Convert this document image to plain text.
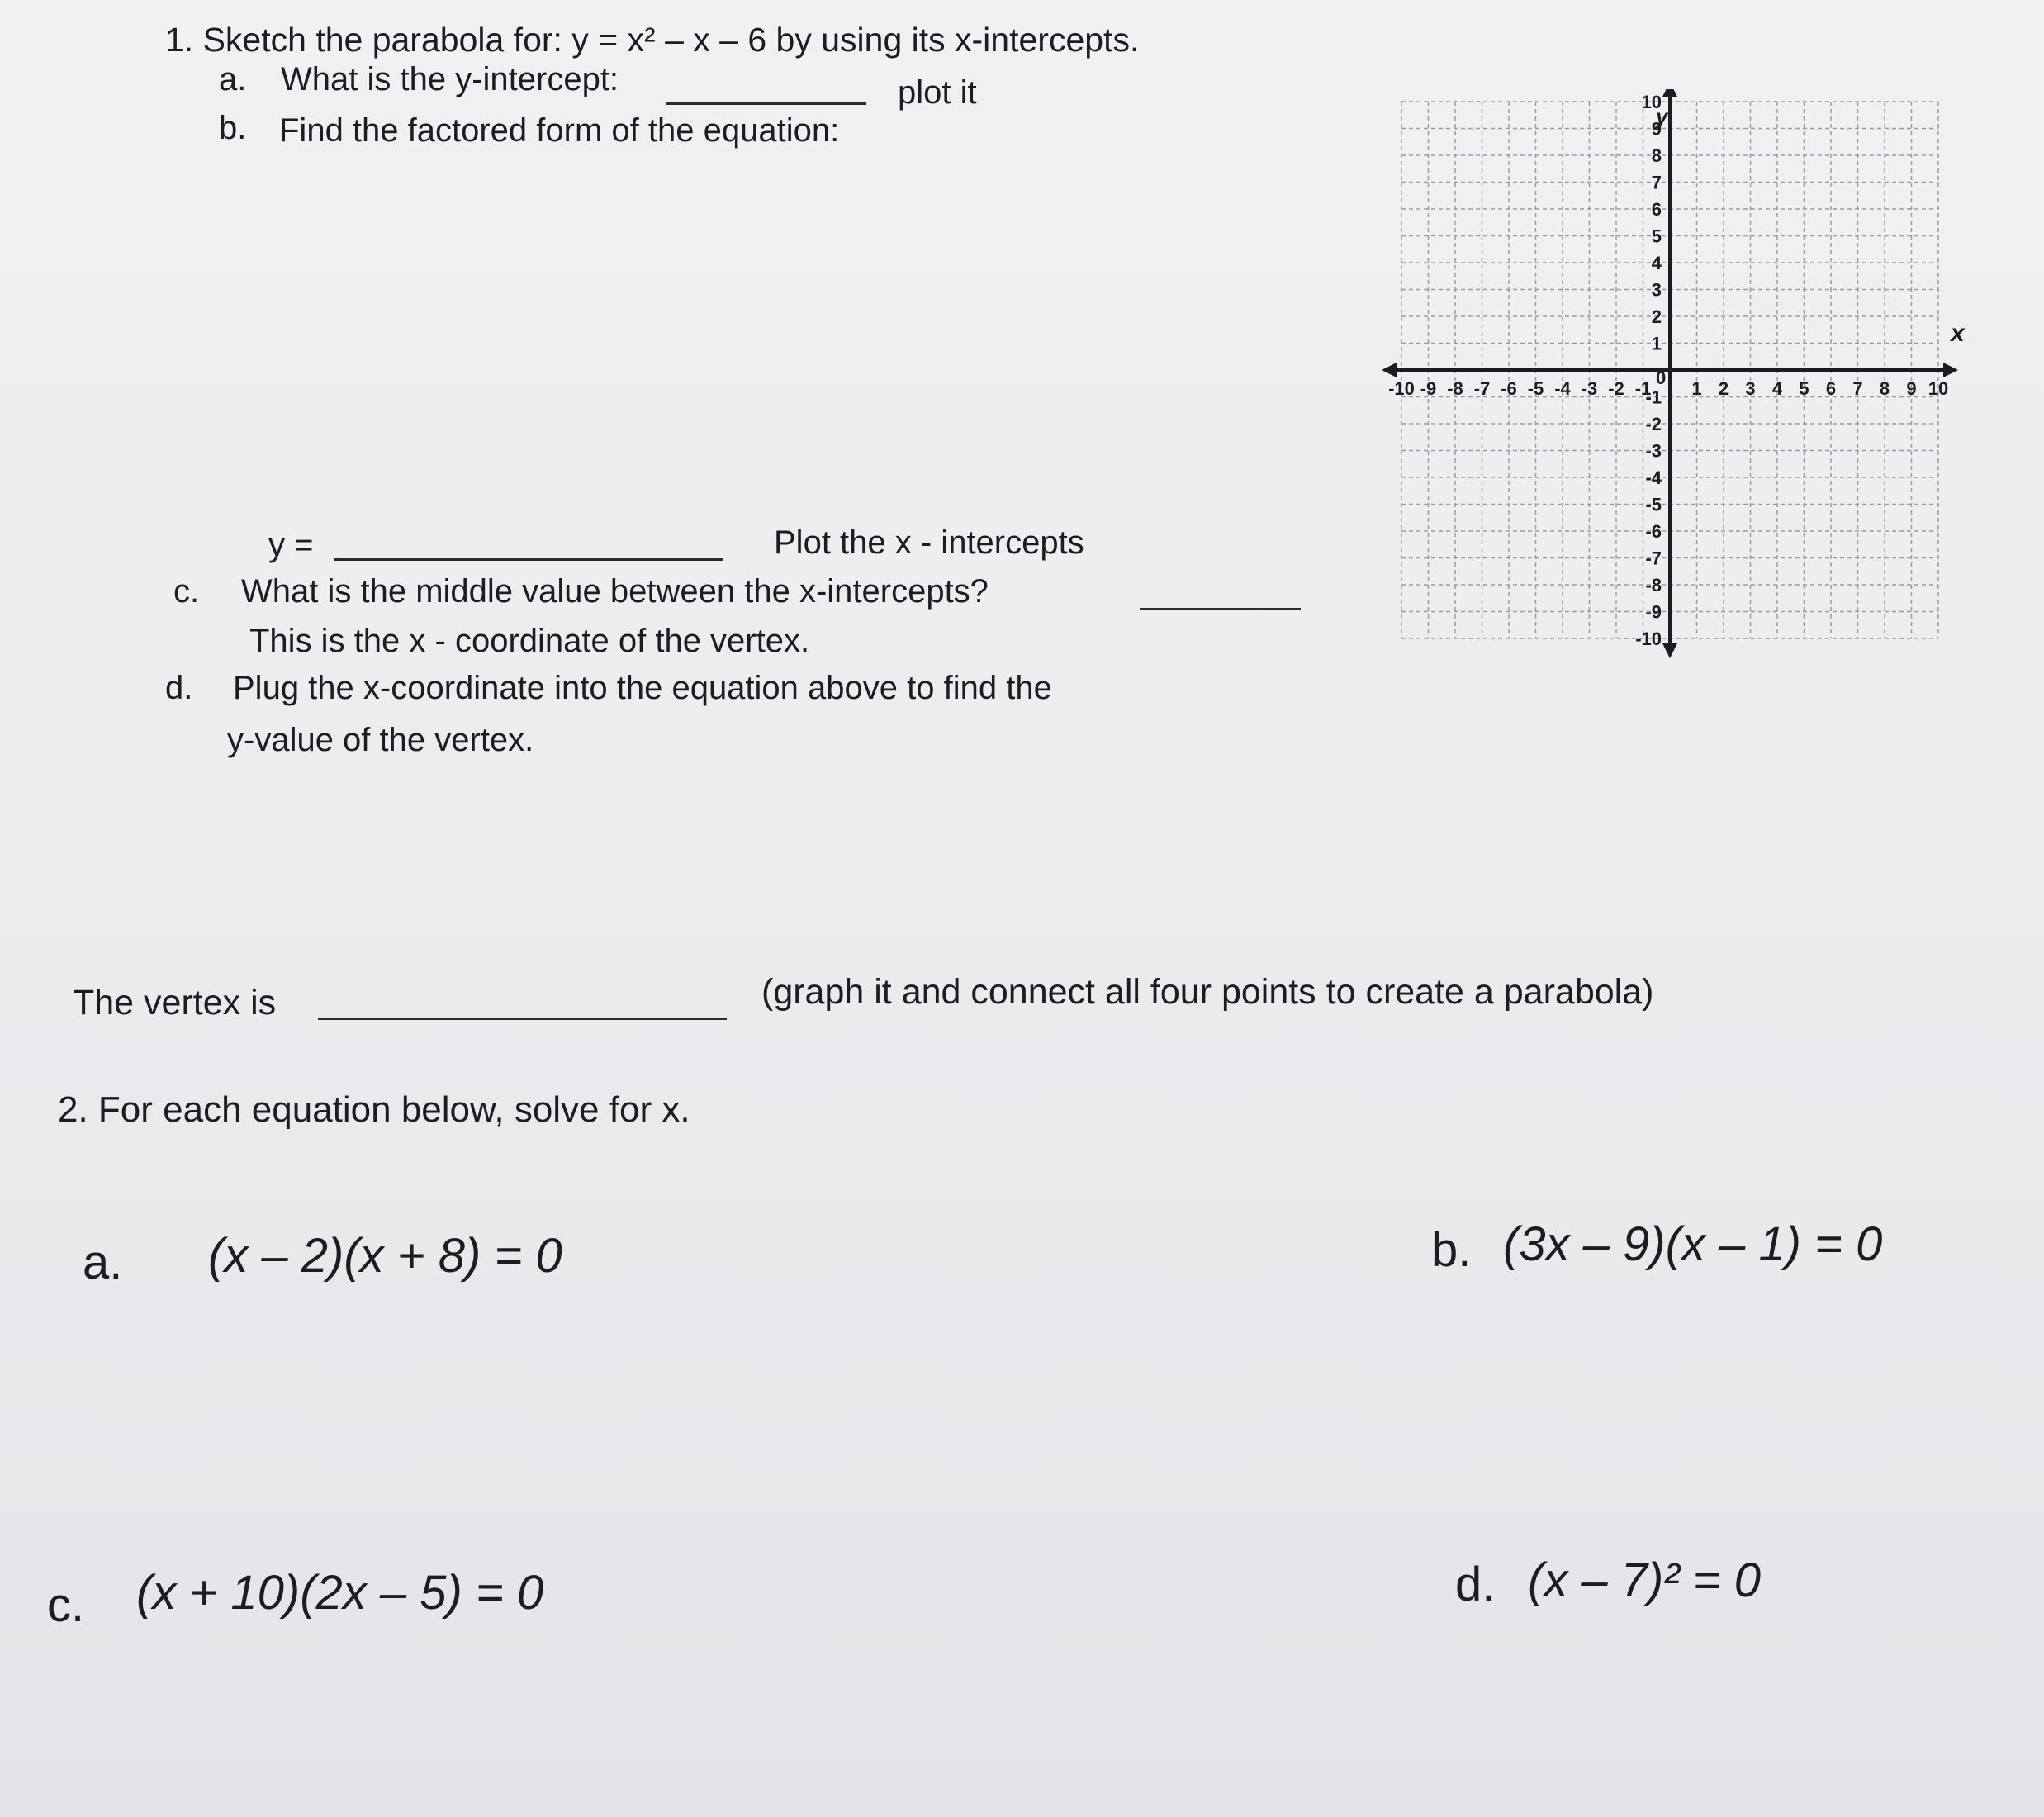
1. Sketch the parabola for: y = x² – x – 6 by using its x-intercepts.
a. What is the y-intercept:	plot it
b. Find the factored form of the equation:
y =	Plot the x - intercepts
c. What is the middle value between the x-intercepts?
This is the x - coordinate of the vertex.
d. Plug the x-coordinate into the equation above to find the
y-value of the vertex.
The vertex is	(graph it and connect all four points to create a parabola)
-10 -9 -8 -7 -6 -5 -4 -3 -2 -1 1 2 3 4 5 6 7 8 9 10
10
9
8
7
6
5
4
3
2
1
-1
-2
-3
-4
-5
-6
-7
-8
-9
-10
x
y
0
2. For each equation below, solve for x.
a. (x – 2)(x + 8) = 0	b. (3x – 9)(x – 1) = 0
c. (x + 10)(2x – 5) = 0	d. (x – 7)² = 0
